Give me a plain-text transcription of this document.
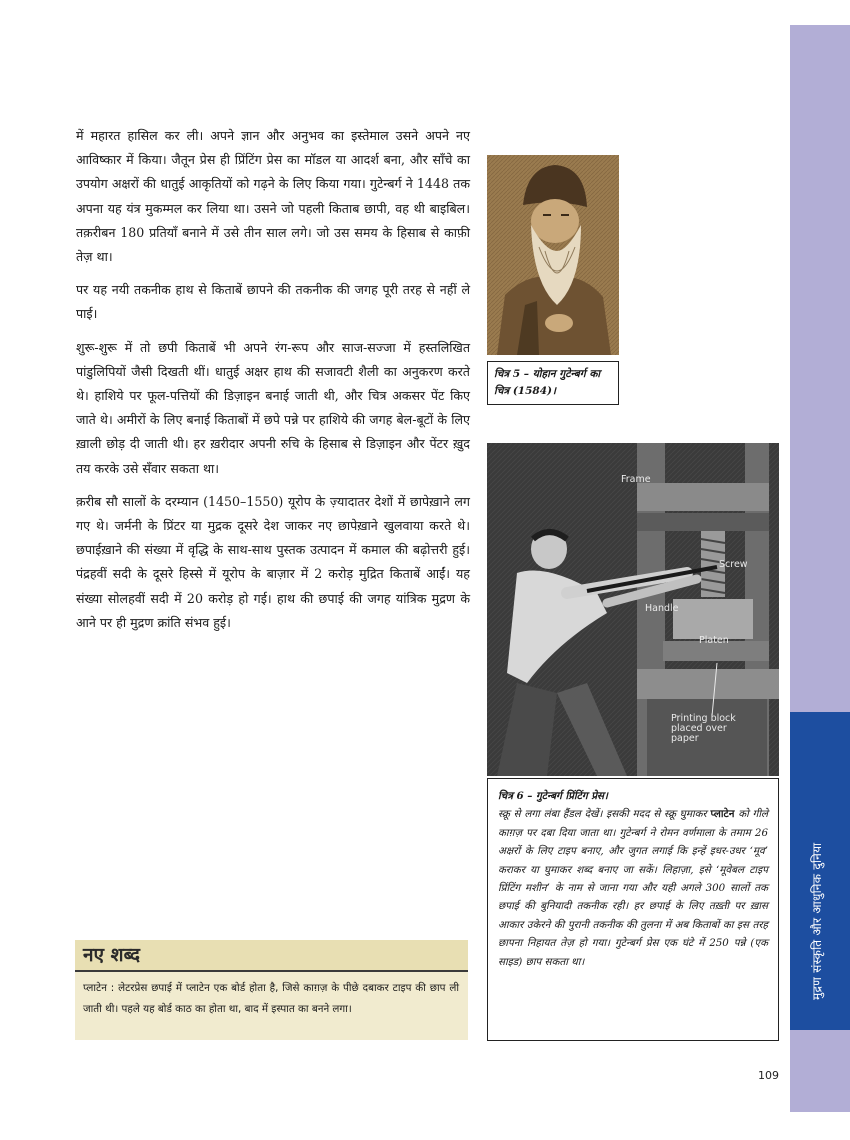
मुद्रण संस्कृति और आधुनिक दुनिया

में महारत हासिल कर ली। अपने ज्ञान और अनुभव का इस्तेमाल उसने अपने नए आविष्कार में किया। जैतून प्रेस ही प्रिंटिंग प्रेस का मॉडल या आदर्श बना, और साँचे का उपयोग अक्षरों की धातुई आकृतियों को गढ़ने के लिए किया गया। गुटेन्बर्ग ने 1448 तक अपना यह यंत्र मुकम्मल कर लिया था। उसने जो पहली किताब छापी, वह थी बाइबिल। तक़रीबन 180 प्रतियाँ बनाने में उसे तीन साल लगे। जो उस समय के हिसाब से काफ़ी तेज़ था।

पर यह नयी तकनीक हाथ से किताबें छापने की तकनीक की जगह पूरी तरह से नहीं ले पाई।

शुरू-शुरू में तो छपी किताबें भी अपने रंग-रूप और साज-सज्जा में हस्तलिखित पांडुलिपियों जैसी दिखती थीं। धातुई अक्षर हाथ की सजावटी शैली का अनुकरण करते थे। हाशिये पर फूल-पत्तियों की डिज़ाइन बनाई जाती थी, और चित्र अकसर पेंट किए जाते थे। अमीरों के लिए बनाई किताबों में छपे पन्ने पर हाशिये की जगह बेल-बूटों के लिए ख़ाली छोड़ दी जाती थी। हर ख़रीदार अपनी रुचि के हिसाब से डिज़ाइन और पेंटर ख़ुद तय करके उसे सँवार सकता था।

क़रीब सौ सालों के दरम्यान (1450–1550) यूरोप के ज़्यादातर देशों में छापेख़ाने लग गए थे। जर्मनी के प्रिंटर या मुद्रक दूसरे देश जाकर नए छापेख़ाने खुलवाया करते थे। छपाईख़ाने की संख्या में वृद्धि के साथ-साथ पुस्तक उत्पादन में कमाल की बढ़ोत्तरी हुई। पंद्रहवीं सदी के दूसरे हिस्से में यूरोप के बाज़ार में 2 करोड़ मुद्रित किताबें आईं। यह संख्या सोलहवीं सदी में 20 करोड़ हो गई। हाथ की छपाई की जगह यांत्रिक मुद्रण के आने पर ही मुद्रण क्रांति संभव हुई।

चित्र 5 – योहान गुटेन्बर्ग का चित्र (1584)।
Frame
Screw
Handle
Platen
Printing block placed over paper
चित्र 6 – गुटेन्बर्ग प्रिंटिंग प्रेस।
स्क्रू से लगा लंबा हैंडल देखें। इसकी मदद से स्क्रू घुमाकर प्लाटेन को गीले काग़ज़ पर दबा दिया जाता था। गुटेन्बर्ग ने रोमन वर्णमाला के तमाम 26 अक्षरों के लिए टाइप बनाए, और जुगत लगाई कि इन्हें इधर-उधर ‘मूव’ कराकर या घुमाकर शब्द बनाए जा सकें। लिहाज़ा, इसे ‘मूवेबल टाइप प्रिंटिंग मशीन’ के नाम से जाना गया और यही अगले 300 सालों तक छपाई की बुनियादी तकनीक रही। हर छपाई के लिए तख़्ती पर ख़ास आकार उकेरने की पुरानी तकनीक की तुलना में अब किताबों का इस तरह छापना निहायत तेज़ हो गया। गुटेन्बर्ग प्रेस एक घंटे में 250 पन्ने (एक साइड) छाप सकता था।
नए शब्द
प्लाटेन : लेटरप्रेस छपाई में प्लाटेन एक बोर्ड होता है, जिसे काग़ज़ के पीछे दबाकर टाइप की छाप ली जाती थी। पहले यह बोर्ड काठ का होता था, बाद में इस्पात का बनने लगा।
109
